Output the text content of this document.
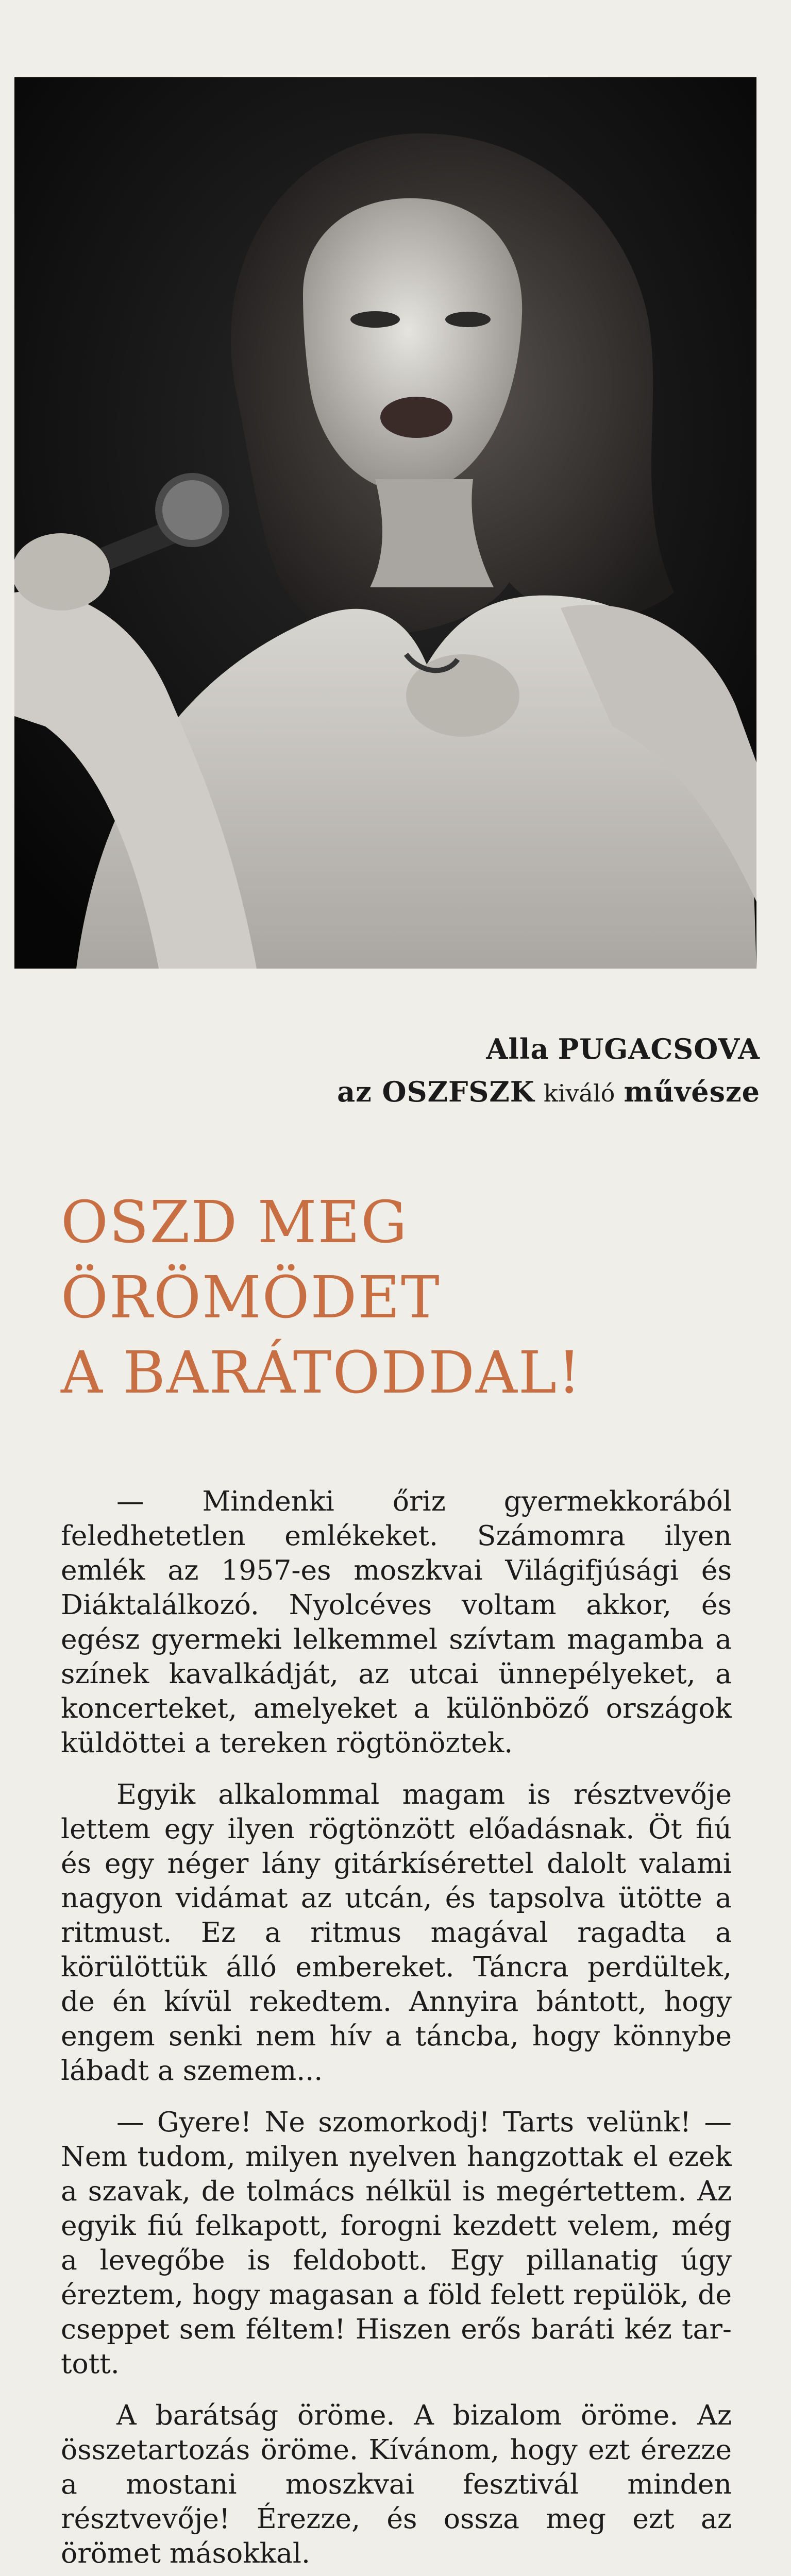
Alla PUGACSOVA
az OSZFSZK kiváló művésze
OSZD MEG
ÖRÖMÖDET
A BARÁTODDAL!

— Mindenki őriz gyermekkorából feledhetetlen emlékeket. Számomra ilyen emlék az 1957-es moszkvai Világifjúsági és Diáktalálkozó. Nyolcéves voltam akkor, és egész gyermeki lelkemmel szívtam magamba a színek kavalkádját, az utcai ünnepélyeket, a koncerteket, amelyeket a különböző országok küldöttei a tereken rögtönöztek.

Egyik alkalommal magam is résztvevője lettem egy ilyen rögtönzött előadásnak. Öt fiú és egy néger lány gitárkísérettel dalolt valami nagyon vidámat az utcán, és tapsolva ütötte a ritmust. Ez a ritmus magával ragadta a körülöttük álló embereket. Táncra perdültek, de én kívül rekedtem. Annyira bántott, hogy engem senki nem hív a táncba, hogy könnybe lábadt a szemem...

— Gyere! Ne szomorkodj! Tarts velünk! — Nem tudom, milyen nyelven hangzottak el ezek a szavak, de tolmács nélkül is megértettem. Az egyik fiú felkapott, forogni kezdett velem, még a levegőbe is feldobott. Egy pillanatig úgy éreztem, hogy magasan a föld felett repülök, de cseppet sem féltem! Hiszen erős baráti kéz tartott.

A barátság öröme. A bizalom öröme. Az összetartozás öröme. Kívánom, hogy ezt érezze a mostani moszkvai fesztivál minden résztvevője! Érezze, és ossza meg ezt az örömet másokkal.
